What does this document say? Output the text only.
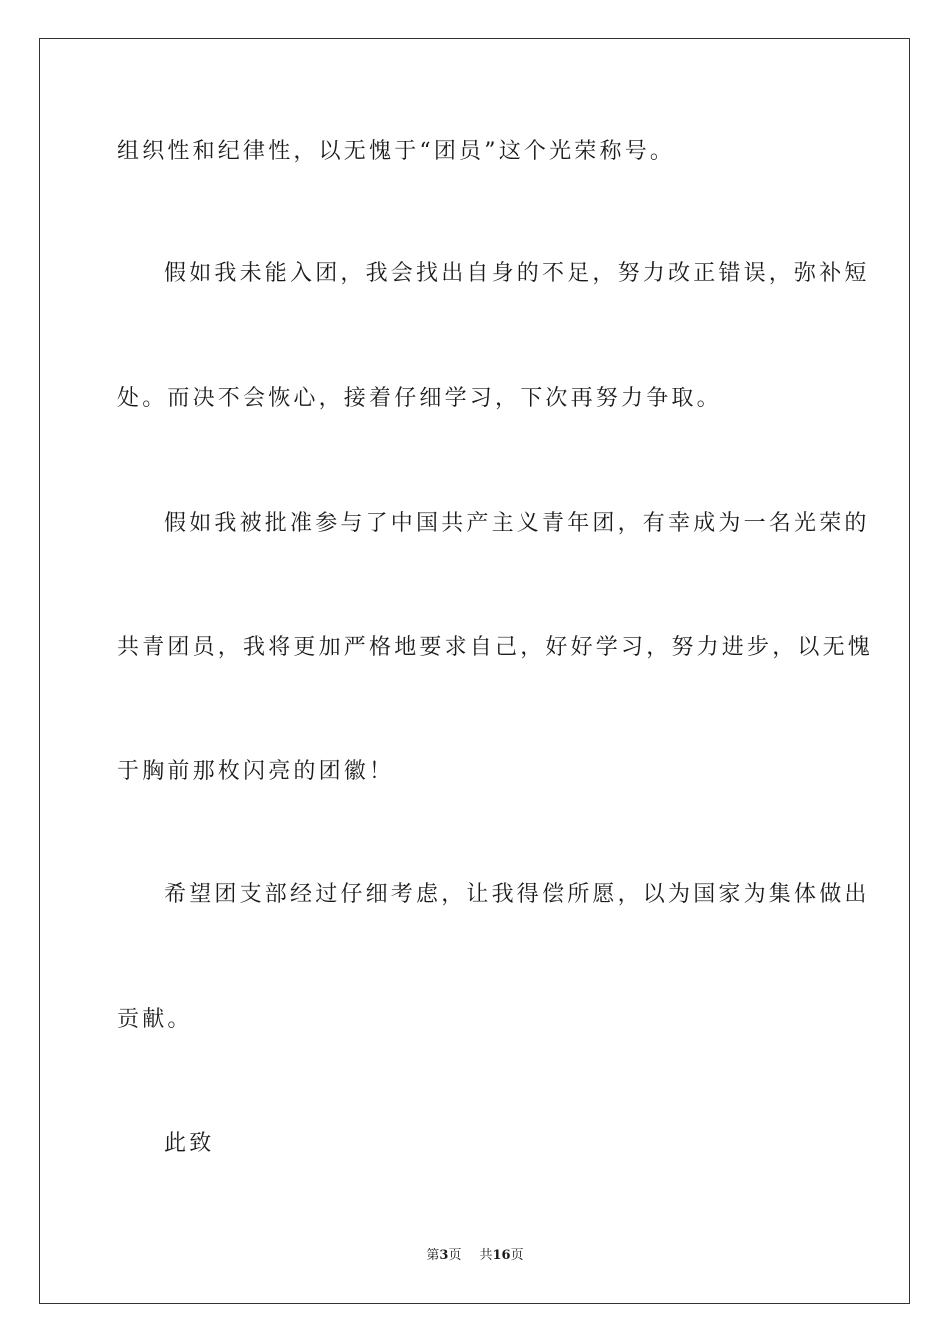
组织性和纪律性，以无愧于“团员”这个光荣称号。
假如我未能入团，我会找出自身的不足，努力改正错误，弥补短
处。而决不会恢心，接着仔细学习，下次再努力争取。
假如我被批准参与了中国共产主义青年团，有幸成为一名光荣的
共青团员，我将更加严格地要求自己，好好学习，努力进步，以无愧
于胸前那枚闪亮的团徽！
希望团支部经过仔细考虑，让我得偿所愿，以为国家为集体做出
贡献。
此致
第3页 共16页
